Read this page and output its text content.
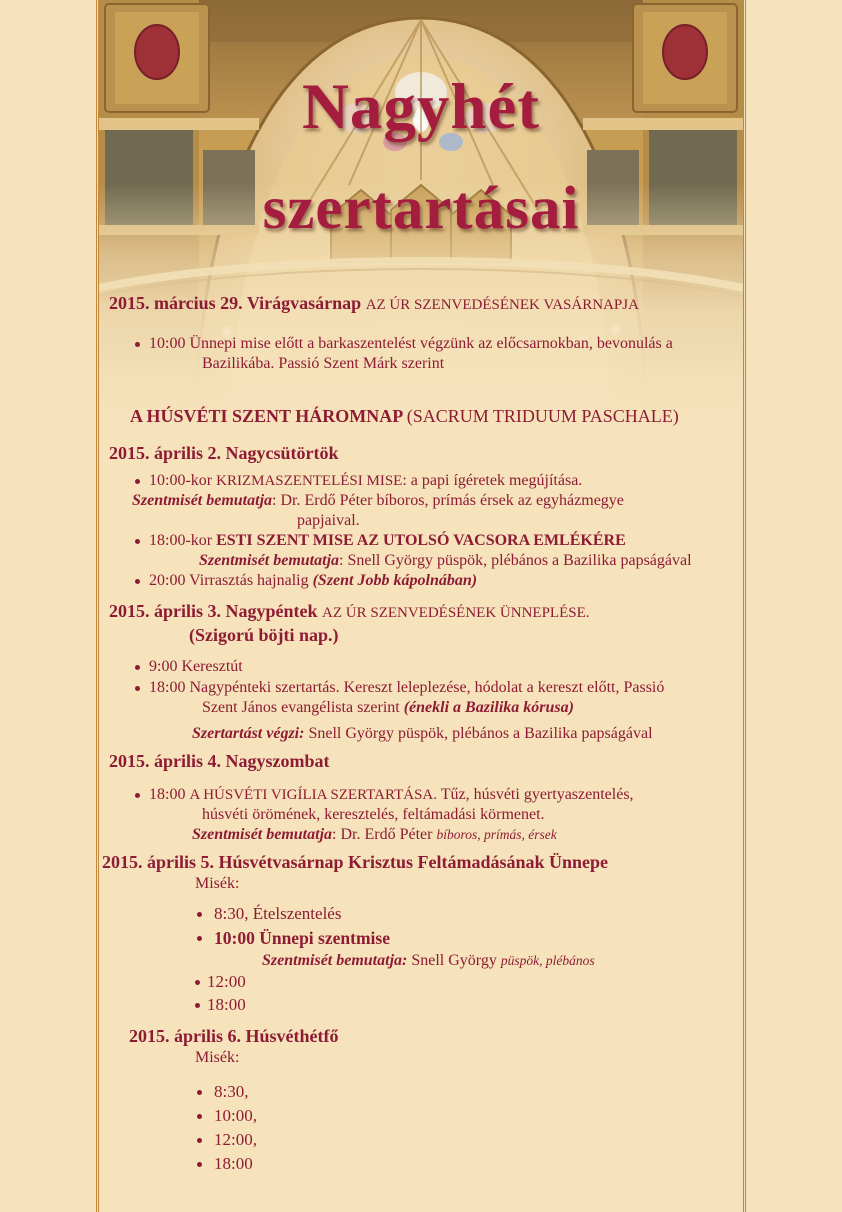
Nagyhét
szertartásai
2015. március 29. Virágvasárnap AZ ÚR SZENVEDÉSÉNEK VASÁRNAPJA
10:00 Ünnepi mise előtt a barkaszentelést végzünk az előcsarnokban, bevonulás a
Bazilikába. Passió Szent Márk szerint
A HÚSVÉTI SZENT HÁROMNAP (SACRUM TRIDUUM PASCHALE)
2015. április 2. Nagycsütörtök
10:00-kor KRIZMASZENTELÉSI MISE: a papi ígéretek megújítása.
Szentmisét bemutatja: Dr. Erdő Péter bíboros, prímás érsek az egyházmegye
papjaival.
18:00-kor ESTI SZENT MISE AZ UTOLSÓ VACSORA EMLÉKÉRE
Szentmisét bemutatja: Snell György püspök, plébános a Bazilika papságával
20:00 Virrasztás hajnalig (Szent Jobb kápolnában)
2015. április 3. Nagypéntek AZ ÚR SZENVEDÉSÉNEK ÜNNEPLÉSE.
(Szigorú böjti nap.)
9:00 Keresztút
18:00 Nagypénteki szertartás. Kereszt leleplezése, hódolat a kereszt előtt, Passió
Szent János evangélista szerint (énekli a Bazilika kórusa)
Szertartást végzi: Snell György püspök, plébános a Bazilika papságával
2015. április 4. Nagyszombat
18:00 A HÚSVÉTI VIGÍLIA SZERTARTÁSA. Tűz, húsvéti gyertyaszentelés,
húsvéti örömének, keresztelés, feltámadási körmenet.
Szentmisét bemutatja: Dr. Erdő Péter bíboros, prímás, érsek
2015. április 5. Húsvétvasárnap Krisztus Feltámadásának Ünnepe
Misék:
8:30, Ételszentelés
10:00 Ünnepi szentmise
Szentmisét bemutatja: Snell György püspök, plébános
12:00
18:00
2015. április 6. Húsvéthétfő
Misék:
8:30,
10:00,
12:00,
18:00
